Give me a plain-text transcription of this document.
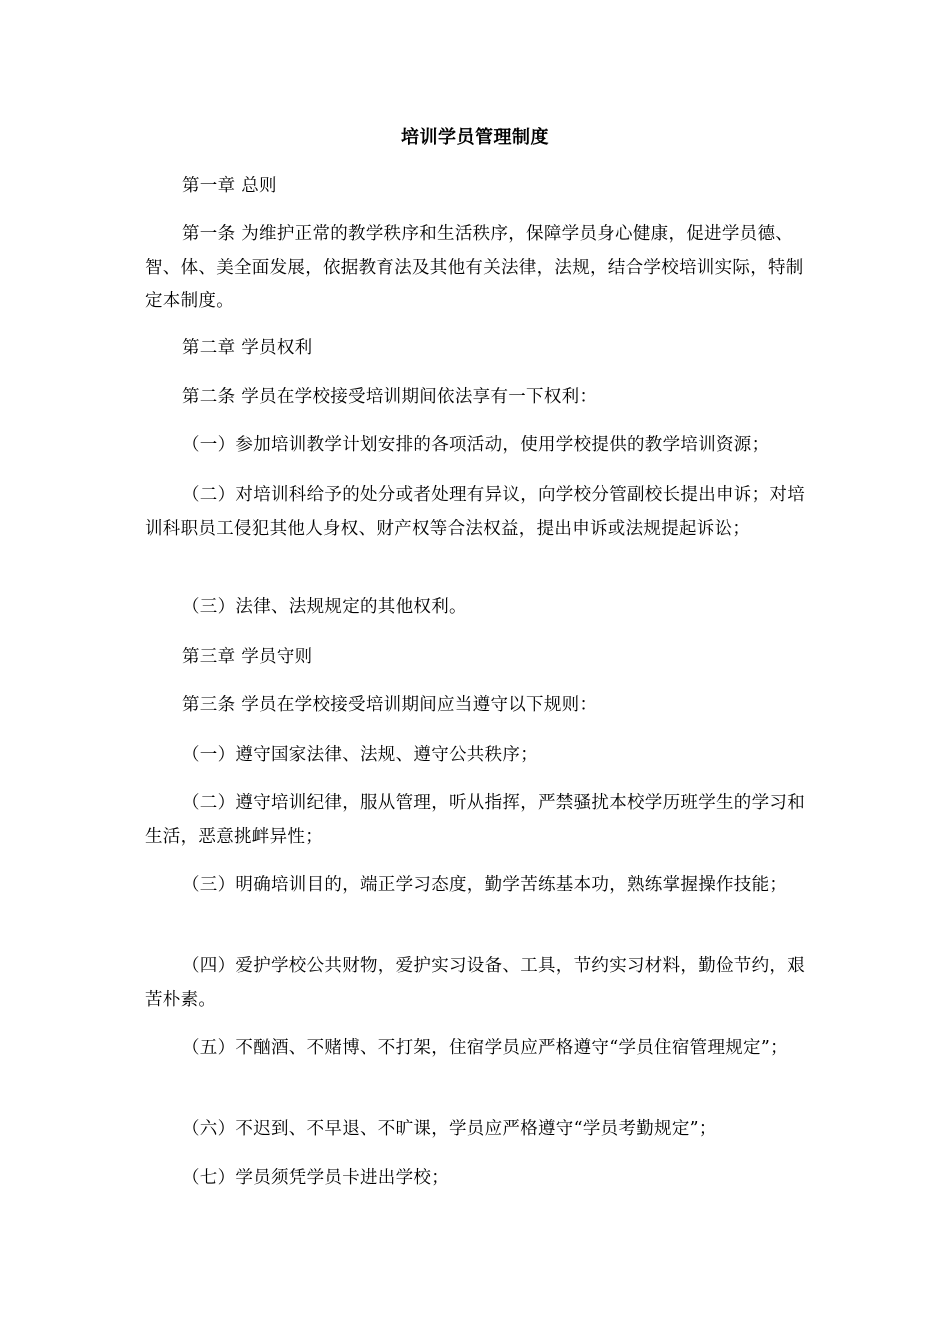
培训学员管理制度
第一章 总则
第一条 为维护正常的教学秩序和生活秩序，保障学员身心健康，促进学员德、智、体、美全面发展，依据教育法及其他有关法律，法规，结合学校培训实际，特制定本制度。
第二章 学员权利
第二条 学员在学校接受培训期间依法享有一下权利：
（一）参加培训教学计划安排的各项活动，使用学校提供的教学培训资源；
（二）对培训科给予的处分或者处理有异议，向学校分管副校长提出申诉；对培训科职员工侵犯其他人身权、财产权等合法权益，提出申诉或法规提起诉讼；
（三）法律、法规规定的其他权利。
第三章 学员守则
第三条 学员在学校接受培训期间应当遵守以下规则：
（一）遵守国家法律、法规、遵守公共秩序；
（二）遵守培训纪律，服从管理，听从指挥，严禁骚扰本校学历班学生的学习和生活，恶意挑衅异性；
（三）明确培训目的，端正学习态度，勤学苦练基本功，熟练掌握操作技能；
（四）爱护学校公共财物，爱护实习设备、工具，节约实习材料，勤俭节约，艰苦朴素。
（五）不酗酒、不赌博、不打架，住宿学员应严格遵守“学员住宿管理规定”；
（六）不迟到、不早退、不旷课，学员应严格遵守“学员考勤规定”；
（七）学员须凭学员卡进出学校；
